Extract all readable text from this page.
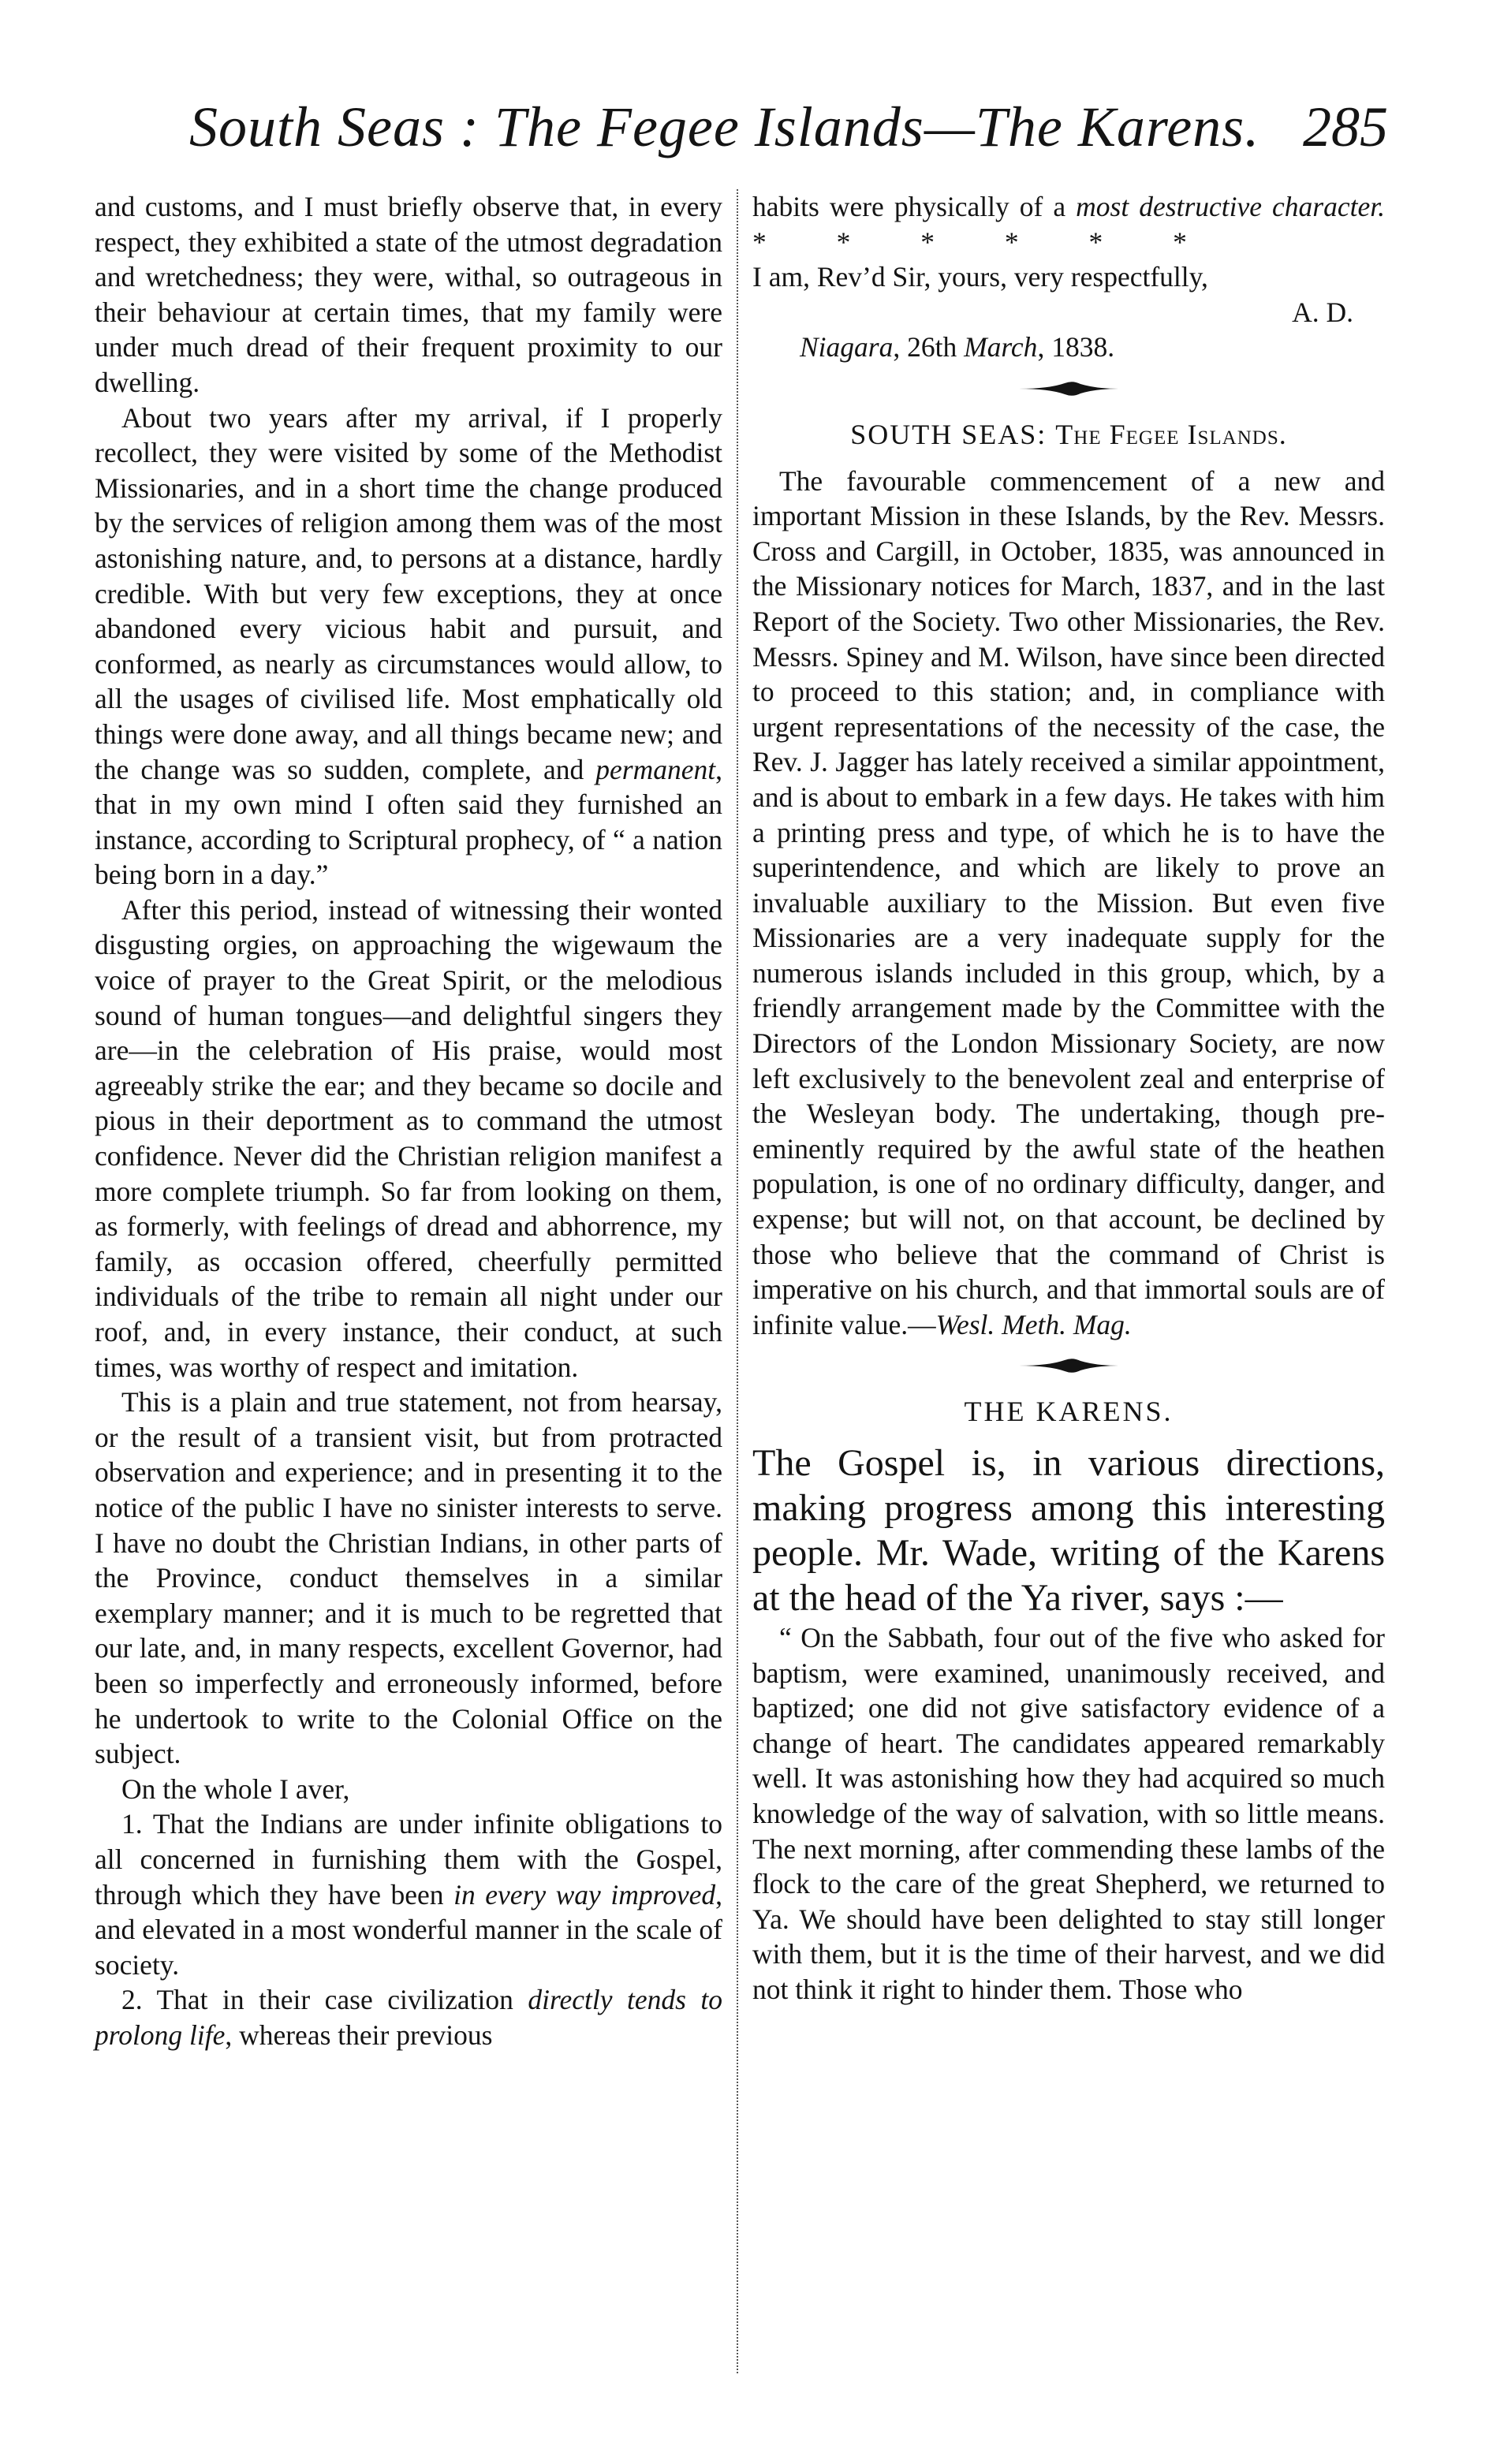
South Seas : The Fegee Islands—The Karens. 285

and customs, and I must briefly observe that, in every respect, they exhibited a state of the utmost degradation and wretchedness; they were, withal, so outrageous in their behaviour at certain times, that my family were under much dread of their frequent proximity to our dwelling.

About two years after my arrival, if I properly recollect, they were visited by some of the Methodist Missionaries, and in a short time the change produced by the services of religion among them was of the most astonishing nature, and, to persons at a distance, hardly credible. With but very few exceptions, they at once abandoned every vicious habit and pursuit, and conformed, as nearly as circumstances would allow, to all the usages of civilised life. Most emphatically old things were done away, and all things became new; and the change was so sudden, complete, and permanent, that in my own mind I often said they furnished an instance, according to Scriptural prophecy, of “ a nation being born in a day.”

After this period, instead of witnessing their wonted disgusting orgies, on approaching the wigewaum the voice of prayer to the Great Spirit, or the melodious sound of human tongues—and delightful singers they are—in the celebration of His praise, would most agreeably strike the ear; and they became so docile and pious in their deportment as to command the utmost confidence. Never did the Christian religion manifest a more complete triumph. So far from looking on them, as formerly, with feelings of dread and abhorrence, my family, as occasion offered, cheerfully permitted individuals of the tribe to remain all night under our roof, and, in every instance, their conduct, at such times, was worthy of respect and imitation.

This is a plain and true statement, not from hearsay, or the result of a transient visit, but from protracted observation and experience; and in presenting it to the notice of the public I have no sinister interests to serve. I have no doubt the Christian Indians, in other parts of the Province, conduct themselves in a similar exemplary manner; and it is much to be regretted that our late, and, in many respects, excellent Governor, had been so imperfectly and erroneously informed, before he undertook to write to the Colonial Office on the subject.

On the whole I aver,

1. That the Indians are under infinite obligations to all concerned in furnishing them with the Gospel, through which they have been in every way improved, and elevated in a most wonderful manner in the scale of society.

2. That in their case civilization directly tends to prolong life, whereas their previous

habits were physically of a most destructive character. * * * * * *

I am, Rev’d Sir, yours, very respectfully,

A. D.

Niagara, 26th March, 1838.

SOUTH SEAS: The Fegee Islands.

The favourable commencement of a new and important Mission in these Islands, by the Rev. Messrs. Cross and Cargill, in October, 1835, was announced in the Missionary notices for March, 1837, and in the last Report of the Society. Two other Missionaries, the Rev. Messrs. Spiney and M. Wilson, have since been directed to proceed to this station; and, in compliance with urgent representations of the necessity of the case, the Rev. J. Jagger has lately received a similar appointment, and is about to embark in a few days. He takes with him a printing press and type, of which he is to have the superintendence, and which are likely to prove an invaluable auxiliary to the Mission. But even five Missionaries are a very inadequate supply for the numerous islands included in this group, which, by a friendly arrangement made by the Committee with the Directors of the London Missionary Society, are now left exclusively to the benevolent zeal and enterprise of the Wesleyan body. The undertaking, though pre-eminently required by the awful state of the heathen population, is one of no ordinary difficulty, danger, and expense; but will not, on that account, be declined by those who believe that the command of Christ is imperative on his church, and that immortal souls are of infinite value.—Wesl. Meth. Mag.

THE KARENS.

The Gospel is, in various directions, making progress among this interesting people. Mr. Wade, writing of the Karens at the head of the Ya river, says :—

“ On the Sabbath, four out of the five who asked for baptism, were examined, unanimously received, and baptized; one did not give satisfactory evidence of a change of heart. The candidates appeared remarkably well. It was astonishing how they had acquired so much knowledge of the way of salvation, with so little means. The next morning, after commending these lambs of the flock to the care of the great Shepherd, we returned to Ya. We should have been delighted to stay still longer with them, but it is the time of their harvest, and we did not think it right to hinder them. Those who
